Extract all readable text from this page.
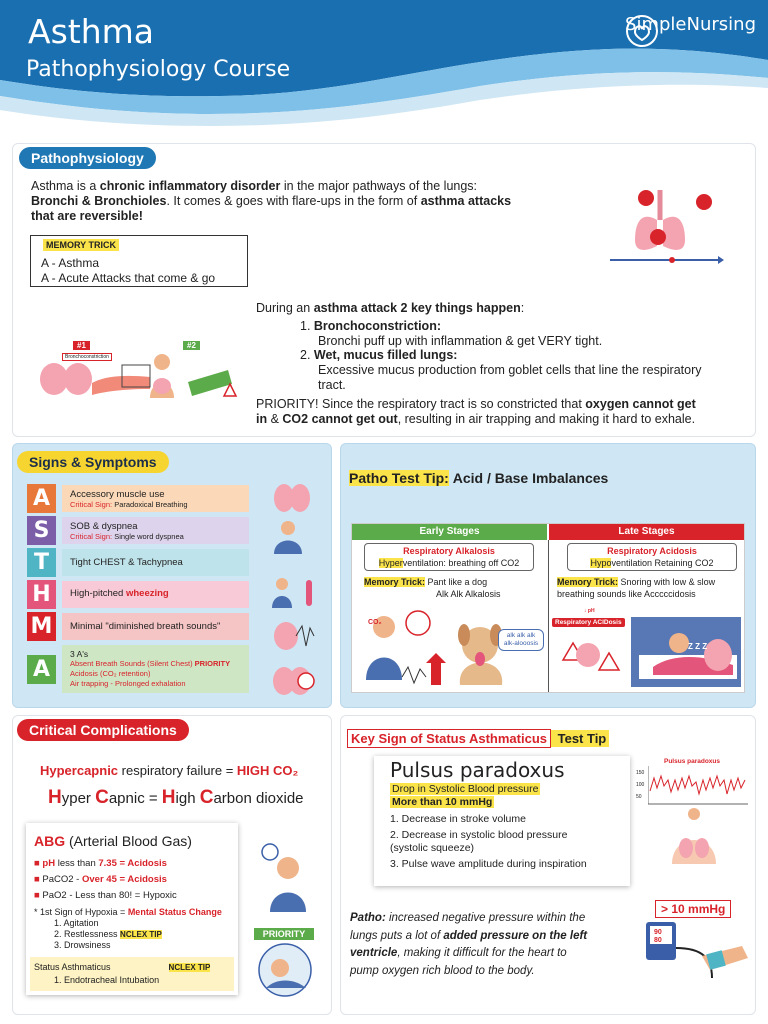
Asthma
Pathophysiology Course
SimpleNursing
Pathophysiology
Asthma is a chronic inflammatory disorder in the major pathways of the lungs:
Bronchi & Bronchioles. It comes & goes with flare-ups in the form of asthma attacks
that are reversible!
MEMORY TRICK
A - Asthma
A - Acute Attacks that come & go
#1
Bronchoconstriction
#2
During an asthma attack 2 key things happen:
1. Bronchoconstriction:
Bronchi puff up with inflammation & get VERY tight.
2. Wet, mucus filled lungs:
Excessive mucus production from goblet cells that line the respiratory
tract.
PRIORITY! Since the respiratory tract is so constricted that oxygen cannot get
in & CO2 cannot get out, resulting in air trapping and making it hard to exhale.
Signs & Symptoms
A	Accessory muscle use
Critical Sign: Paradoxical Breathing
S	SOB & dyspnea
Critical Sign: Single word dyspnea
T	Tight CHEST & Tachypnea
H	High-pitched wheezing
M	Minimal "diminished breath sounds"
A
3 A's
Absent Breath Sounds (Silent Chest) PRIORITY
Acidosis (CO₂ retention)
Air trapping - Prolonged exhalation
Patho Test Tip: Acid / Base Imbalances
Early Stages	Late Stages
Respiratory Alkalosis
Hyperventilation: breathing off CO2
Memory Trick: Pant like a dog
Alk Alk Alkalosis
Respiratory Acidosis
Hypoventilation Retaining CO2
Memory Trick: Snoring with low & slow
breathing sounds like Acccccidosis
CO₂
alk alk alk
alk-alooosis
Respiratory ACIDosis
↓ pH
Z Z Z
Critical Complications
Hypercapnic respiratory failure = HIGH CO₂
Hyper Capnic = High Carbon dioxide
ABG (Arterial Blood Gas)
■ pH less than 7.35 = Acidosis
■ PaCO2 - Over 45 = Acidosis
■ PaO2 - Less than 80! = Hypoxic
* 1st Sign of Hypoxia = Mental Status Change
1. Agitation
2. Restlessness NCLEX TIP
3. Drowsiness
Status Asthmaticus	NCLEX TIP
1. Endotracheal Intubation
PRIORITY
Key Sign of Status Asthmaticus Test Tip
Pulsus paradoxus
Drop in Systolic Blood pressure
More than 10 mmHg
1. Decrease in stroke volume
2. Decrease in systolic blood pressure
(systolic squeeze)
3. Pulse wave amplitude during inspiration
Pulsus paradoxus
150
100
50
Patho: increased negative pressure within the
lungs puts a lot of added pressure on the left
ventricle, making it difficult for the heart to
pump oxygen rich blood to the body.
> 10 mmHg
90
80
